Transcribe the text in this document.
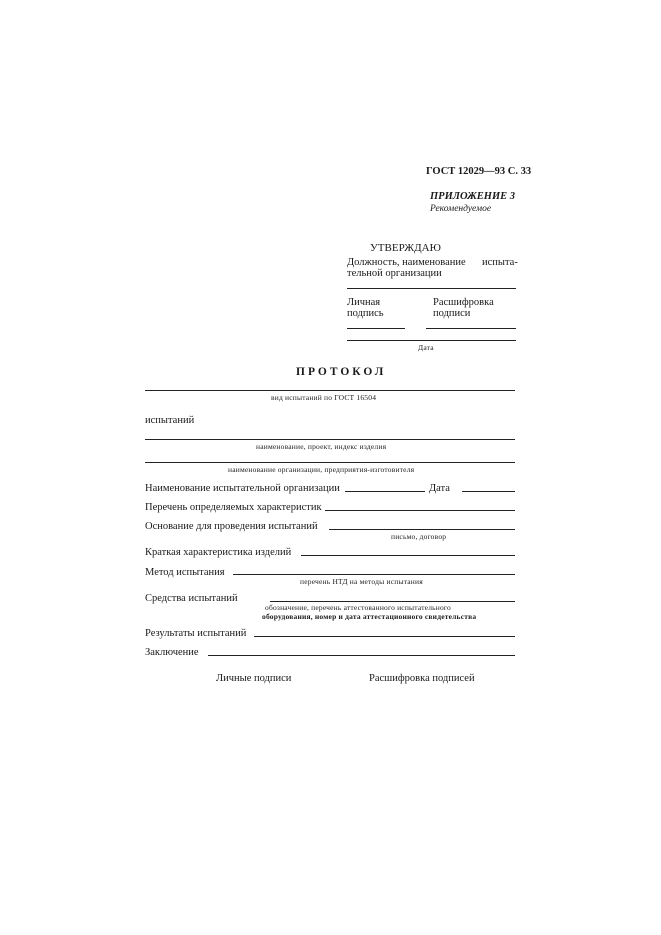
ГОСТ 12029—93 С. 33
ПРИЛОЖЕНИЕ 3
Рекомендуемое
УТВЕРЖДАЮ
Должность, наименование испыта-
тельной организации
Личная
подпись
Расшифровка
подписи
Дата
ПРОТОКОЛ
вид испытаний по ГОСТ 16504
испытаний
наименование, проект, индекс изделия
наименование организации, предприятия-изготовителя
Наименование испытательной организации	Дата
Перечень определяемых характеристик
Основание для проведения испытаний
письмо, договор
Краткая характеристика изделий
Метод испытания
перечень НТД на методы испытания
Средства испытаний
обозначение, перечень аттестованного испытательного
оборудования, номер и дата аттестационного свидетельства
Результаты испытаний
Заключение
Личные подписи	Расшифровка подписей
